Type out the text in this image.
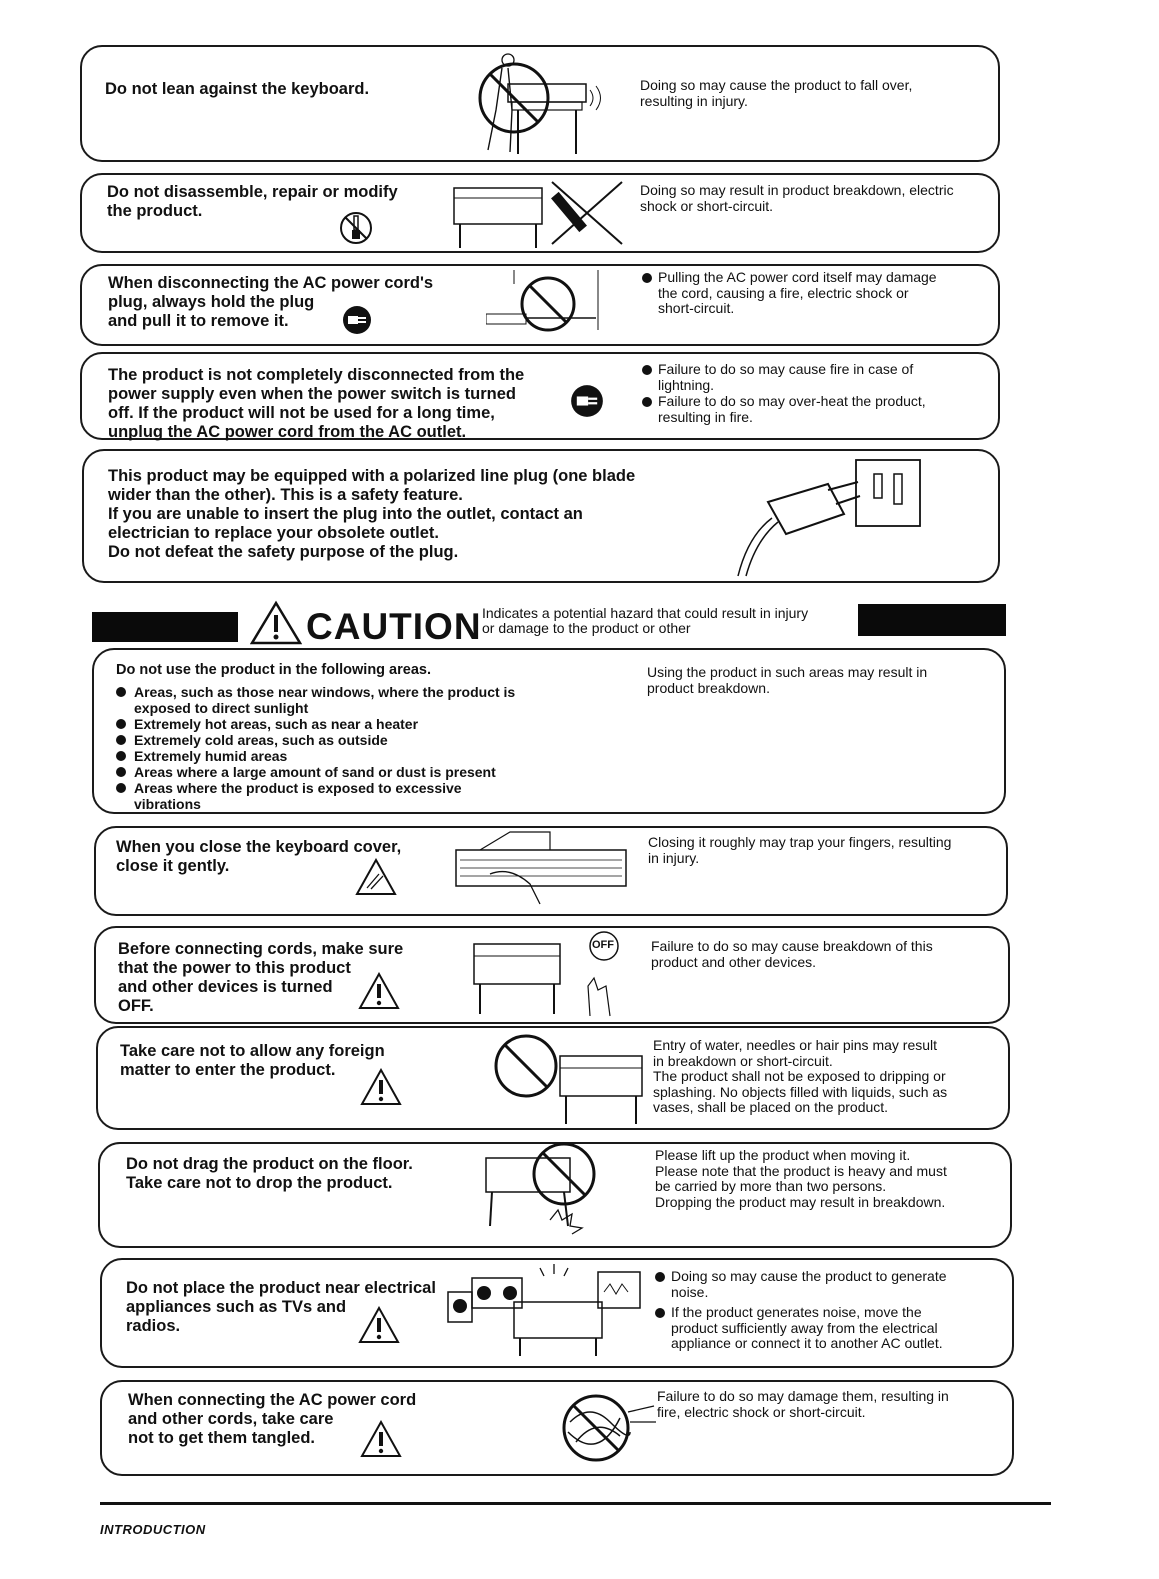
Do not lean against the keyboard.	Doing so may cause the product to fall over,
resulting in injury.
Do not disassemble, repair or modify
the product.
Doing so may result in product breakdown, electric
shock or short-circuit.
When disconnecting the AC power cord's
plug, always hold the plug
and pull it to remove it.
Pulling the AC power cord itself may damage
the cord, causing a fire, electric shock or
short-circuit.
The product is not completely disconnected from the
power supply even when the power switch is turned
off. If the product will not be used for a long time,
unplug the AC power cord from the AC outlet.
Failure to do so may cause fire in case of
lightning.
Failure to do so may over-heat the product,
resulting in fire.
This product may be equipped with a polarized line plug (one blade
wider than the other). This is a safety feature.
If you are unable to insert the plug into the outlet, contact an
electrician to replace your obsolete outlet.
Do not defeat the safety purpose of the plug.
CAUTION Indicates a potential hazard that could result in injury
or damage to the product or other
Do not use the product in the following areas.
Areas, such as those near windows, where the product is
exposed to direct sunlight
Extremely hot areas, such as near a heater
Extremely cold areas, such as outside
Extremely humid areas
Areas where a large amount of sand or dust is present
Areas where the product is exposed to excessive
vibrations
Using the product in such areas may result in
product breakdown.
When you close the keyboard cover,
close it gently.
Closing it roughly may trap your fingers, resulting
in injury.
Before connecting cords, make sure
that the power to this product
and other devices is turned
OFF.
OFF	Failure to do so may cause breakdown of this
product and other devices.
Take care not to allow any foreign
matter to enter the product.
Entry of water, needles or hair pins may result
in breakdown or short-circuit.
The product shall not be exposed to dripping or
splashing. No objects filled with liquids, such as
vases, shall be placed on the product.
Do not drag the product on the floor.
Take care not to drop the product.
Please lift up the product when moving it.
Please note that the product is heavy and must
be carried by more than two persons.
Dropping the product may result in breakdown.
Do not place the product near electrical
appliances such as TVs and
radios.
Doing so may cause the product to generate
noise.
If the product generates noise, move the
product sufficiently away from the electrical
appliance or connect it to another AC outlet.
When connecting the AC power cord
and other cords, take care
not to get them tangled.
Failure to do so may damage them, resulting in
fire, electric shock or short-circuit.
INTRODUCTION
